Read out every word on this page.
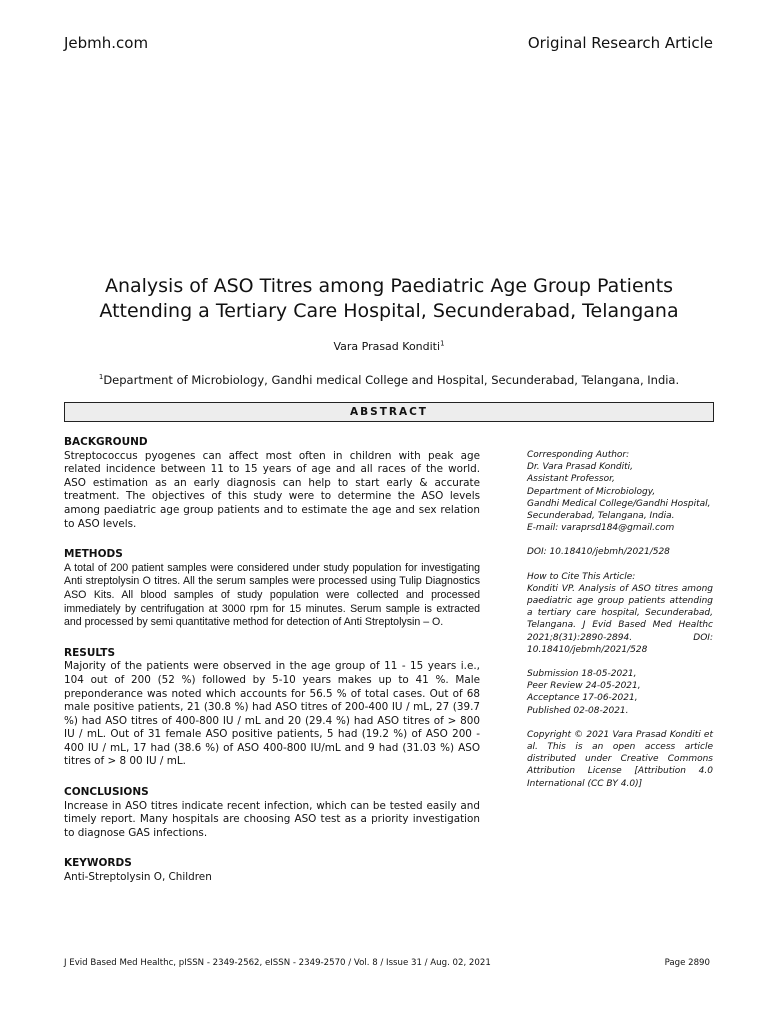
Jebmh.com	Original Research Article
Analysis of ASO Titres among Paediatric Age Group Patients
Attending a Tertiary Care Hospital, Secunderabad, Telangana
Vara Prasad Konditi$^1$
$^1$Department of Microbiology, Gandhi medical College and Hospital, Secunderabad, Telangana, India.
ABSTRACT

BACKGROUND

Streptococcus pyogenes can affect most often in children with peak age related incidence between 11 to 15 years of age and all races of the world. ASO estimation as an early diagnosis can help to start early & accurate treatment. The objectives of this study were to determine the ASO levels among paediatric age group patients and to estimate the age and sex relation to ASO levels.

METHODS

A total of 200 patient samples were considered under study population for investigating Anti streptolysin O titres. All the serum samples were processed using Tulip Diagnostics ASO Kits. All blood samples of study population were collected and processed immediately by centrifugation at 3000 rpm for 15 minutes. Serum sample is extracted and processed by semi quantitative method for detection of Anti Streptolysin – O.

RESULTS

Majority of the patients were observed in the age group of 11 - 15 years i.e., 104 out of 200 (52 %) followed by 5-10 years makes up to 41 %. Male preponderance was noted which accounts for 56.5 % of total cases. Out of 68 male positive patients, 21 (30.8 %) had ASO titres of 200-400 IU / mL, 27 (39.7 %) had ASO titres of 400-800 IU / mL and 20 (29.4 %) had ASO titres of > 800 IU / mL. Out of 31 female ASO positive patients, 5 had (19.2 %) of ASO 200 - 400 IU / mL, 17 had (38.6 %) of ASO 400-800 IU/mL and 9 had (31.03 %) ASO titres of > 8 00 IU / mL.

CONCLUSIONS

Increase in ASO titres indicate recent infection, which can be tested easily and timely report. Many hospitals are choosing ASO test as a priority investigation to diagnose GAS infections.

KEYWORDS

Anti-Streptolysin O, Children

Corresponding Author:
Dr. Vara Prasad Konditi,
Assistant Professor,
Department of Microbiology,
Gandhi Medical College/Gandhi Hospital,
Secunderabad, Telangana, India.
E-mail: varaprsd184@gmail.com

DOI: 10.18410/jebmh/2021/528

How to Cite This Article:
Konditi VP. Analysis of ASO titres among paediatric age group patients attending a tertiary care hospital, Secunderabad, Telangana. J Evid Based Med Healthc 2021;8(31):2890-2894. DOI: 10.18410/jebmh/2021/528

Submission 18-05-2021,
Peer Review 24-05-2021,
Acceptance 17-06-2021,
Published 02-08-2021.

Copyright © 2021 Vara Prasad Konditi et al. This is an open access article distributed under Creative Commons Attribution License [Attribution 4.0 International (CC BY 4.0)]

J Evid Based Med Healthc, pISSN - 2349-2562, eISSN - 2349-2570 / Vol. 8 / Issue 31 / Aug. 02, 2021	Page 2890
